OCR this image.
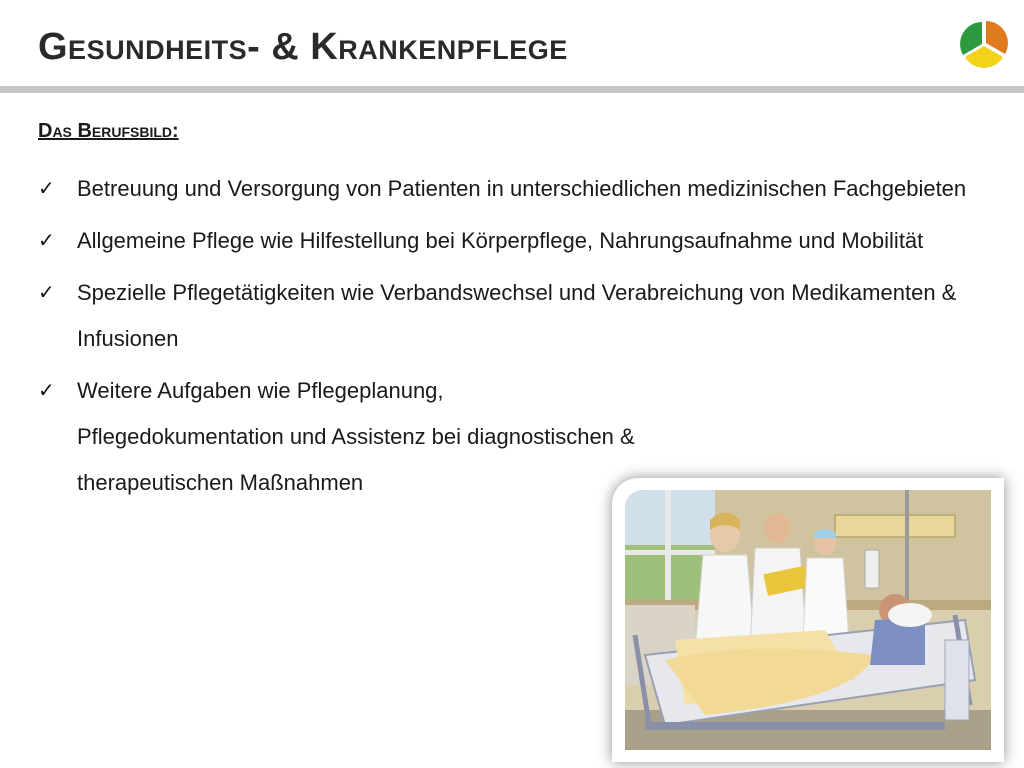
Gesundheits- & Krankenpflege
Das Berufsbild:
✓ Betreuung und Versorgung von Patienten in unterschiedlichen medizinischen Fachgebieten
✓ Allgemeine Pflege wie Hilfestellung bei Körperpflege, Nahrungsaufnahme und Mobilität
✓ Spezielle Pflegetätigkeiten wie Verbandswechsel und Verabreichung von Medikamenten & Infusionen
✓ Weitere Aufgaben wie Pflegeplanung, Pflegedokumentation und Assistenz bei diagnostischen & therapeutischen Maßnahmen
